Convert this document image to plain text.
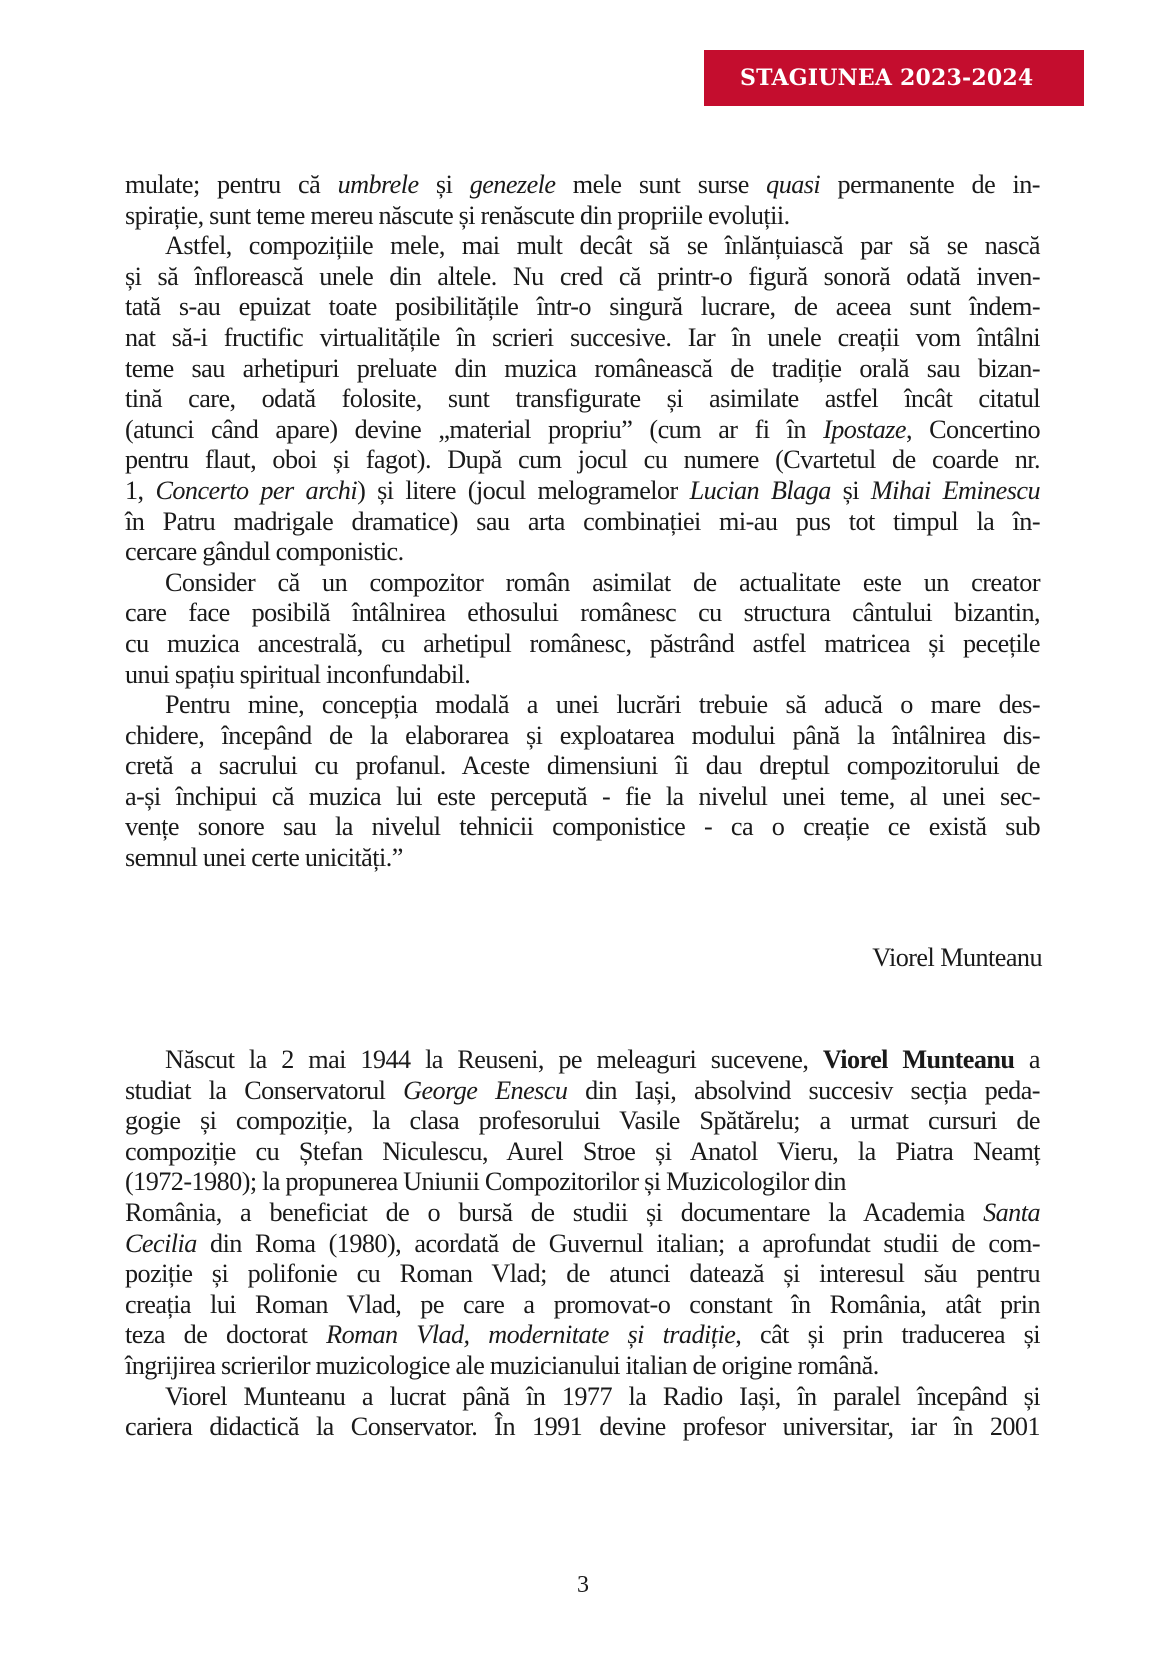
STAGIUNEA 2023-2024
mulate; pentru că umbrele și genezele mele sunt surse quasi permanente de in-
spirație, sunt teme mereu născute și renăscute din propriile evoluții.
Astfel, compozițiile mele, mai mult decât să se înlănțuiască par să se nască
și să înflorească unele din altele. Nu cred că printr-o figură sonoră odată inven-
tată s-au epuizat toate posibilitățile într-o singură lucrare, de aceea sunt îndem-
nat să-i fructific virtualitățile în scrieri succesive. Iar în unele creații vom întâlni
teme sau arhetipuri preluate din muzica românească de tradiție orală sau bizan-
tină care, odată folosite, sunt transfigurate și asimilate astfel încât citatul
(atunci când apare) devine „material propriu” (cum ar fi în Ipostaze, Concertino
pentru flaut, oboi și fagot). După cum jocul cu numere (Cvartetul de coarde nr.
1, Concerto per archi) și litere (jocul melogramelor Lucian Blaga și Mihai Eminescu
în Patru madrigale dramatice) sau arta combinației mi-au pus tot timpul la în-
cercare gândul componistic.
Consider că un compozitor român asimilat de actualitate este un creator
care face posibilă întâlnirea ethosului românesc cu structura cântului bizantin,
cu muzica ancestrală, cu arhetipul românesc, păstrând astfel matricea și pecețile
unui spațiu spiritual inconfundabil.
Pentru mine, concepția modală a unei lucrări trebuie să aducă o mare des-
chidere, începând de la elaborarea și exploatarea modului până la întâlnirea dis-
cretă a sacrului cu profanul. Aceste dimensiuni îi dau dreptul compozitorului de
a-și închipui că muzica lui este percepută - fie la nivelul unei teme, al unei sec-
vențe sonore sau la nivelul tehnicii componistice - ca o creație ce există sub
semnul unei certe unicități.”
Viorel Munteanu
Născut la 2 mai 1944 la Reuseni, pe meleaguri sucevene, Viorel Munteanu a
studiat la Conservatorul George Enescu din Iași, absolvind succesiv secția peda-
gogie și compoziție, la clasa profesorului Vasile Spătărelu; a urmat cursuri de
compoziție cu Ștefan Niculescu, Aurel Stroe și Anatol Vieru, la Piatra Neamț
(1972-1980); la propunerea Uniunii Compozitorilor și Muzicologilor din
România, a beneficiat de o bursă de studii și documentare la Academia Santa
Cecilia din Roma (1980), acordată de Guvernul italian; a aprofundat studii de com-
poziție și polifonie cu Roman Vlad; de atunci datează și interesul său pentru
creația lui Roman Vlad, pe care a promovat-o constant în România, atât prin
teza de doctorat Roman Vlad, modernitate și tradiție, cât și prin traducerea și
îngrijirea scrierilor muzicologice ale muzicianului italian de origine română.
Viorel Munteanu a lucrat până în 1977 la Radio Iași, în paralel începând și
cariera didactică la Conservator. În 1991 devine profesor universitar, iar în 2001
3
